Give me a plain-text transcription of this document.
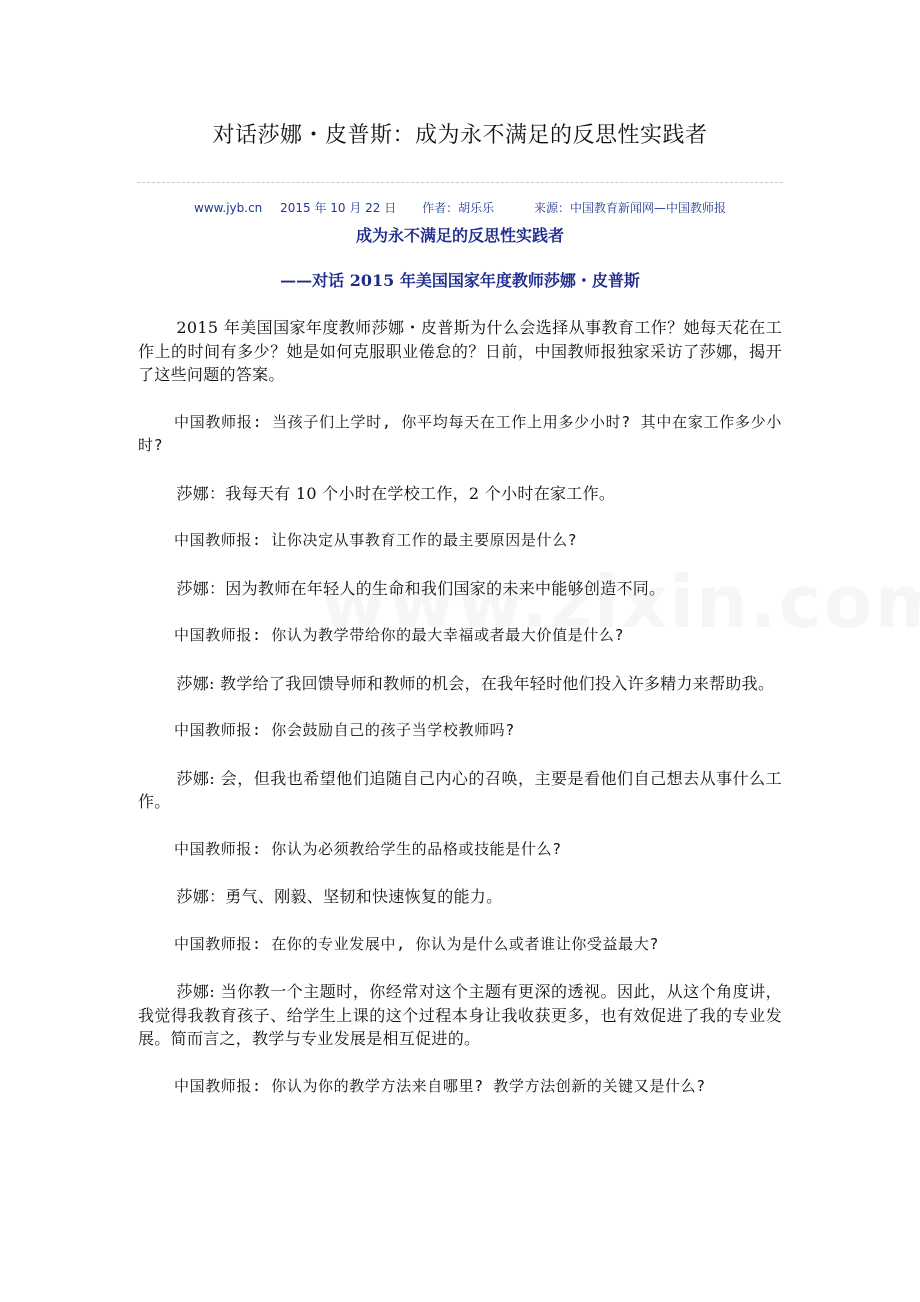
对话莎娜・皮普斯：成为永不满足的反思性实践者
www.jyb.cn 2015 年 10 月 22 日 作者：胡乐乐	来源：中国教育新闻网—中国教师报
成为永不满足的反思性实践者
——对话 2015 年美国国家年度教师莎娜・皮普斯

2015 年美国国家年度教师莎娜・皮普斯为什么会选择从事教育工作？她每天花在工作上的时间有多少？她是如何克服职业倦怠的？日前，中国教师报独家采访了莎娜，揭开了这些问题的答案。

中国教师报: 当孩子们上学时, 你平均每天在工作上用多少小时? 其中在家工作多少小时?

莎娜：我每天有 10 个小时在学校工作，2 个小时在家工作。

中国教师报: 让你决定从事教育工作的最主要原因是什么?

莎娜：因为教师在年轻人的生命和我们国家的未来中能够创造不同。

中国教师报: 你认为教学带给你的最大幸福或者最大价值是什么?

莎娜: 教学给了我回馈导师和教师的机会，在我年轻时他们投入许多精力来帮助我。

中国教师报: 你会鼓励自己的孩子当学校教师吗?

莎娜: 会，但我也希望他们追随自己内心的召唤，主要是看他们自己想去从事什么工作。

中国教师报: 你认为必须教给学生的品格或技能是什么?

莎娜：勇气、刚毅、坚韧和快速恢复的能力。

中国教师报: 在你的专业发展中, 你认为是什么或者谁让你受益最大?

莎娜: 当你教一个主题时，你经常对这个主题有更深的透视。因此，从这个角度讲，我觉得我教育孩子、给学生上课的这个过程本身让我收获更多，也有效促进了我的专业发展。简而言之，教学与专业发展是相互促进的。

中国教师报: 你认为你的教学方法来自哪里? 教学方法创新的关键又是什么?
